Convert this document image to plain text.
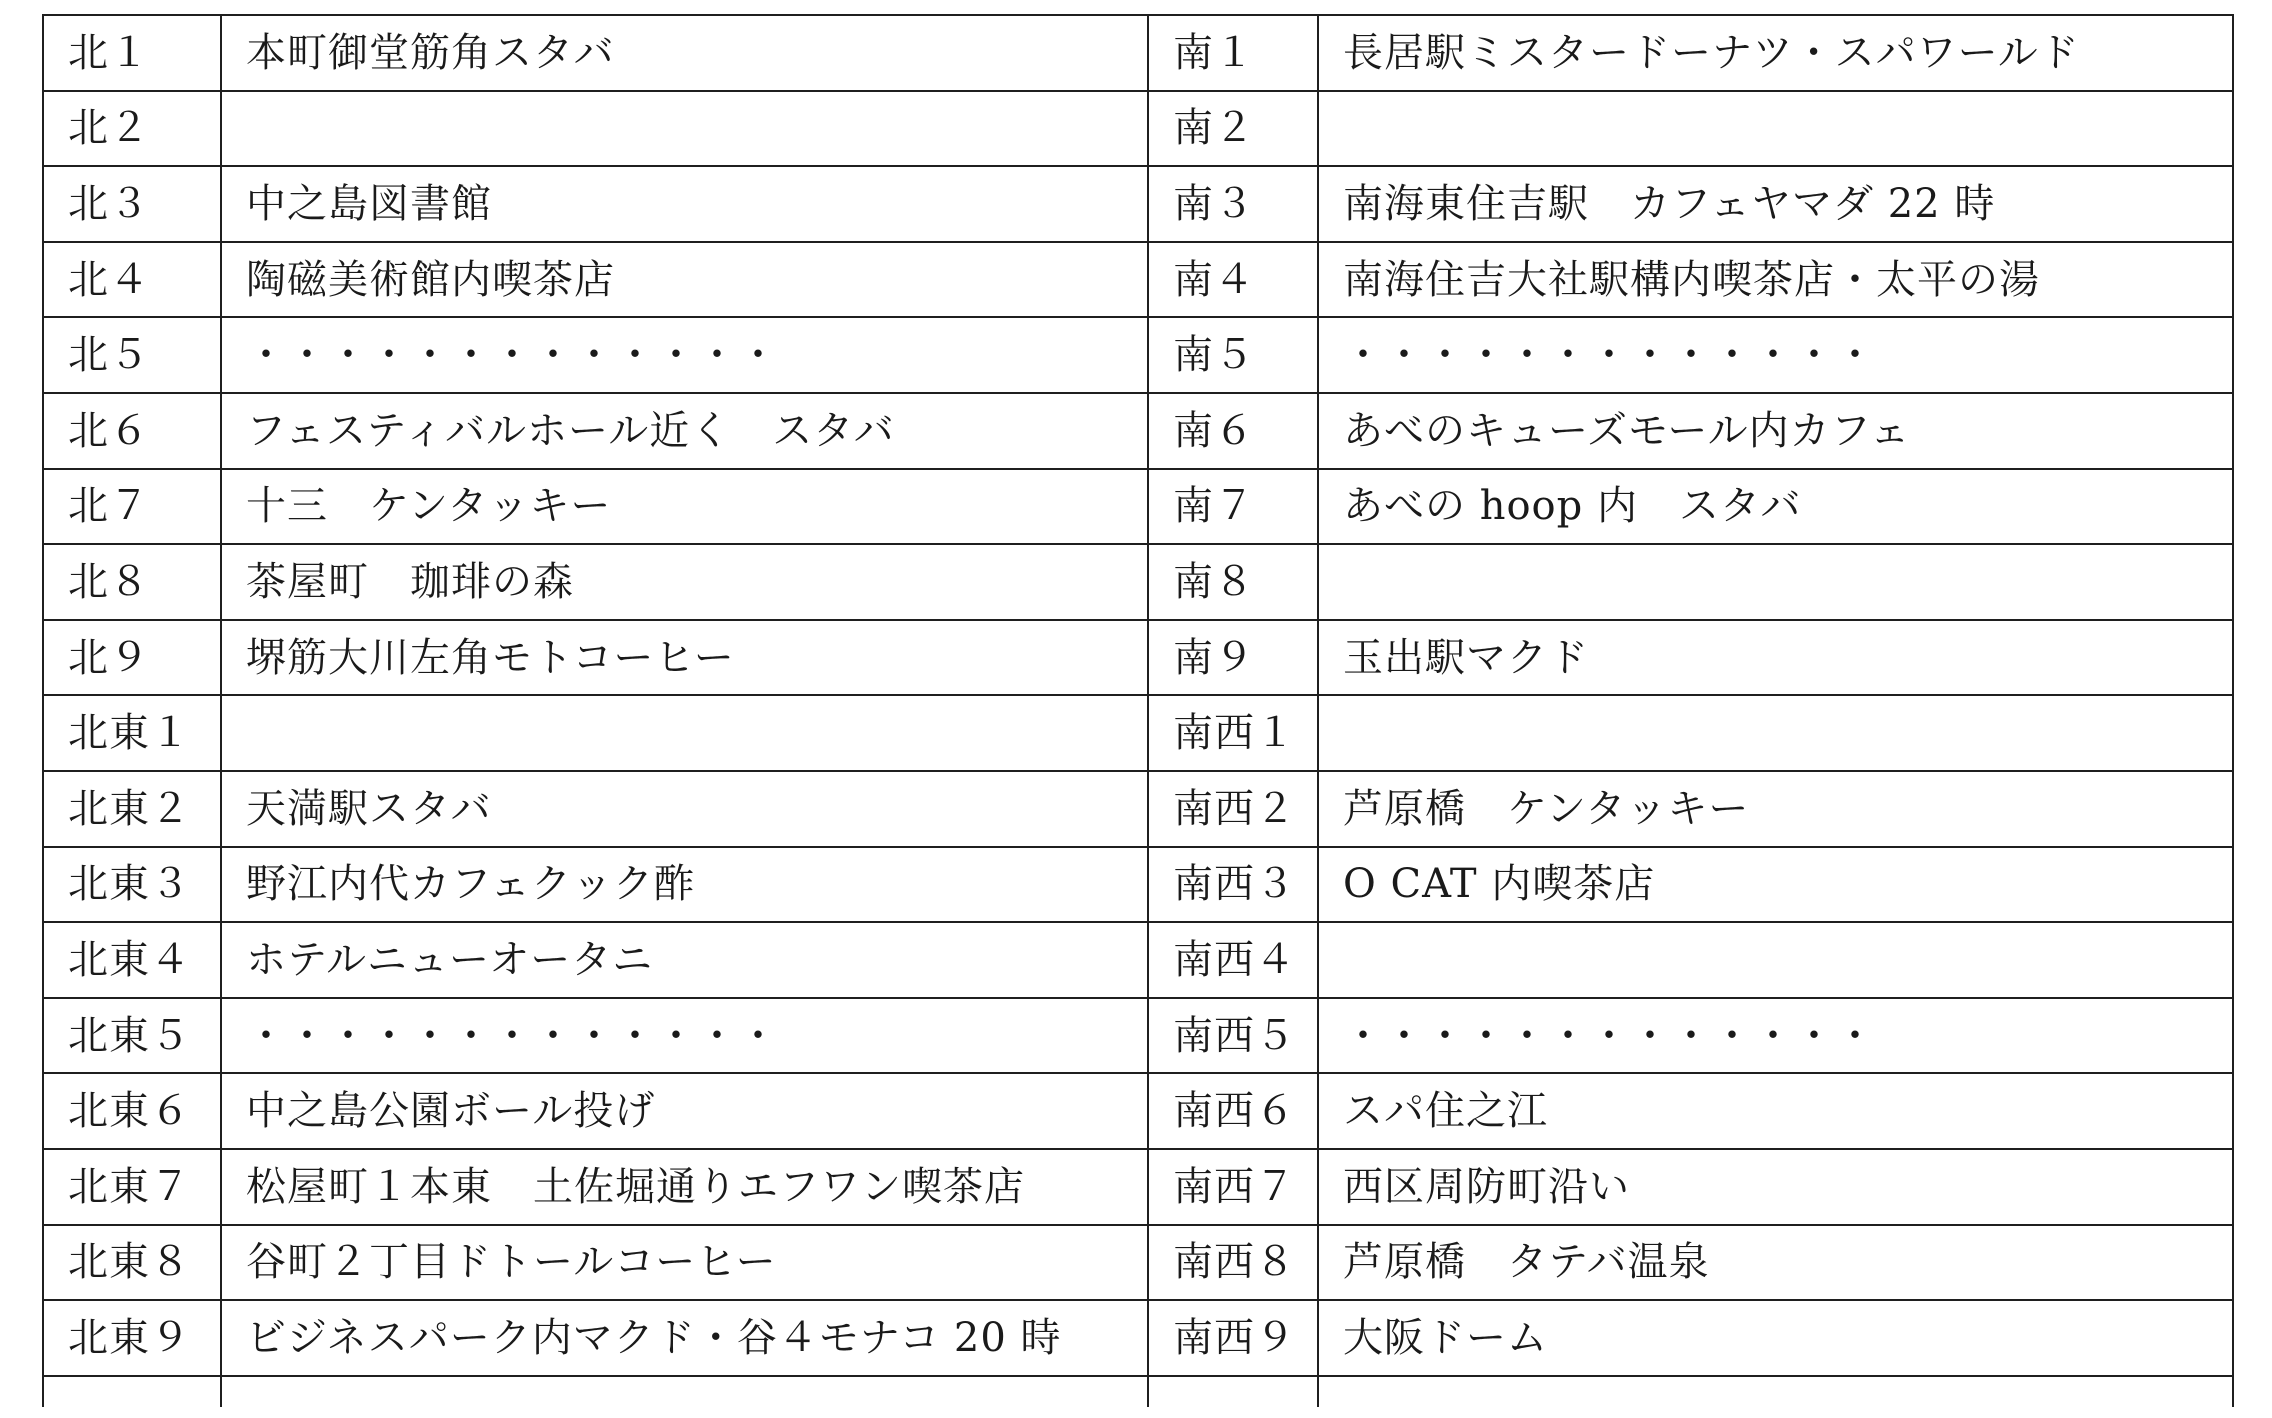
北１	本町御堂筋角スタバ	南１	長居駅ミスタードーナツ・スパワールド
北２		南２	
北３	中之島図書館	南３	南海東住吉駅　カフェヤマダ 22 時
北４	陶磁美術館内喫茶店	南４	南海住吉大社駅構内喫茶店・太平の湯
北５	・・・・・・・・・・・・・	南５	・・・・・・・・・・・・・
北６	フェスティバルホール近く　スタバ	南６	あべのキューズモール内カフェ
北７	十三　ケンタッキー	南７	あべの hoop 内　スタバ
北８	茶屋町　珈琲の森	南８	
北９	堺筋大川左角モトコーヒー	南９	玉出駅マクド
北東１		南西１	
北東２	天満駅スタバ	南西２	芦原橋　ケンタッキー
北東３	野江内代カフェクック酢	南西３	O CAT 内喫茶店
北東４	ホテルニューオータニ	南西４	
北東５	・・・・・・・・・・・・・	南西５	・・・・・・・・・・・・・
北東６	中之島公園ボール投げ	南西６	スパ住之江
北東７	松屋町１本東　土佐堀通りエフワン喫茶店	南西７	西区周防町沿い
北東８	谷町２丁目ドトールコーヒー	南西８	芦原橋　タテバ温泉
北東９	ビジネスパーク内マクド・谷４モナコ 20 時	南西９	大阪ドーム
